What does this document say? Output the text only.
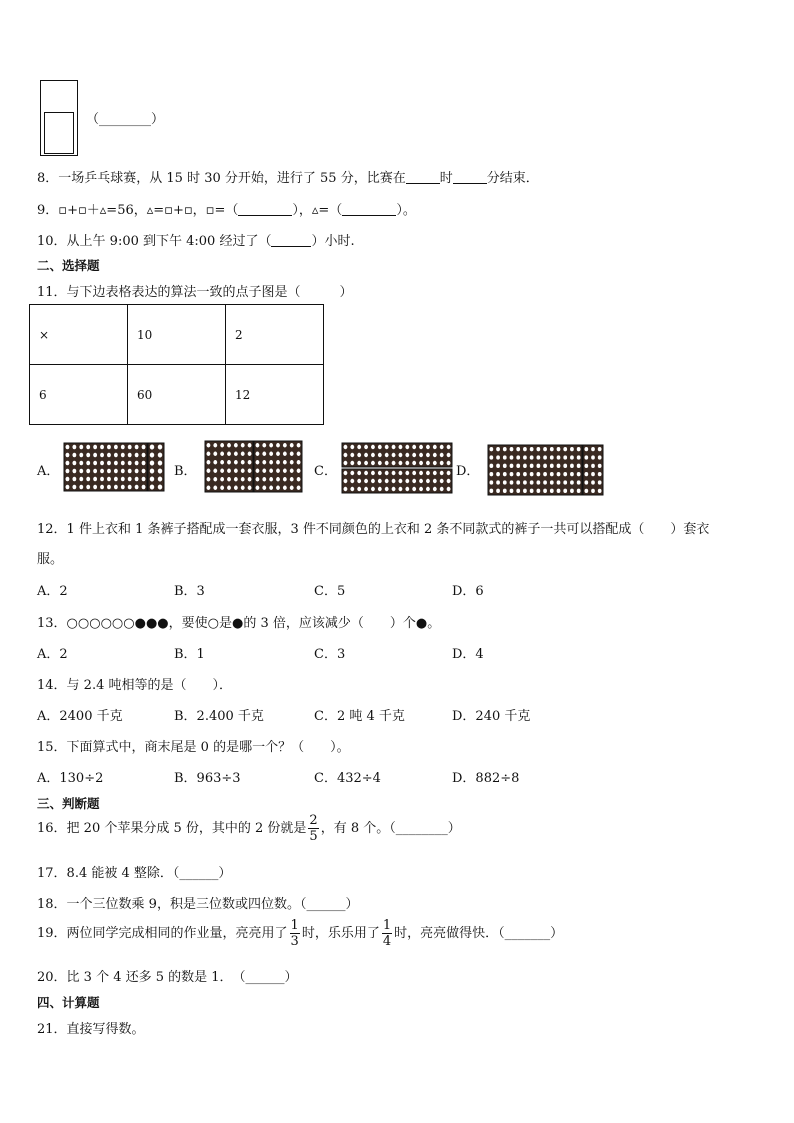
（________）
8．一场乒乓球赛，从 15 时 30 分开始，进行了 55 分，比赛在	时	分结束．
9．▫+▫＋▵=56，▵=▫+▫，▫=（	），▵=（	）。
10．从上午 9:00 到下午 4:00 经过了（	）小时.
二、选择题
11．与下边表格表达的算法一致的点子图是（　　　）
×	10	2
6	60	12
A．	B．	C．	D．
12．1 件上衣和 1 条裤子搭配成一套衣服，3 件不同颜色的上衣和 2 条不同款式的裤子一共可以搭配成（　　）套衣
服。
A．2	B．3	C．5	D．6
13．○○○○○○●●●，要使○是●的 3 倍，应该减少（　　）个●。
A．2	B．1	C．3	D．4
14．与 2.4 吨相等的是（　　）．
A．2400 千克	B．2.400 千克	C．2 吨 4 千克	D．240 千克
15．下面算式中，商末尾是 0 的是哪一个？（　　）。
A．130÷2	B．963÷3	C．432÷4	D．882÷8
三、判断题
16．把 20 个苹果分成 5 份，其中的 2 份就是 $\frac{2}{5}$ ，有 8 个。（________）
17．8.4 能被 4 整除．（______）
18．一个三位数乘 9，积是三位数或四位数。（______）
19．两位同学完成相同的作业量，亮亮用了 $\frac{1}{3}$ 时，乐乐用了 $\frac{1}{4}$ 时，亮亮做得快．（_______）
20．比 3 个 4 还多 5 的数是 1．　（______）
四、计算题
21．直接写得数。
